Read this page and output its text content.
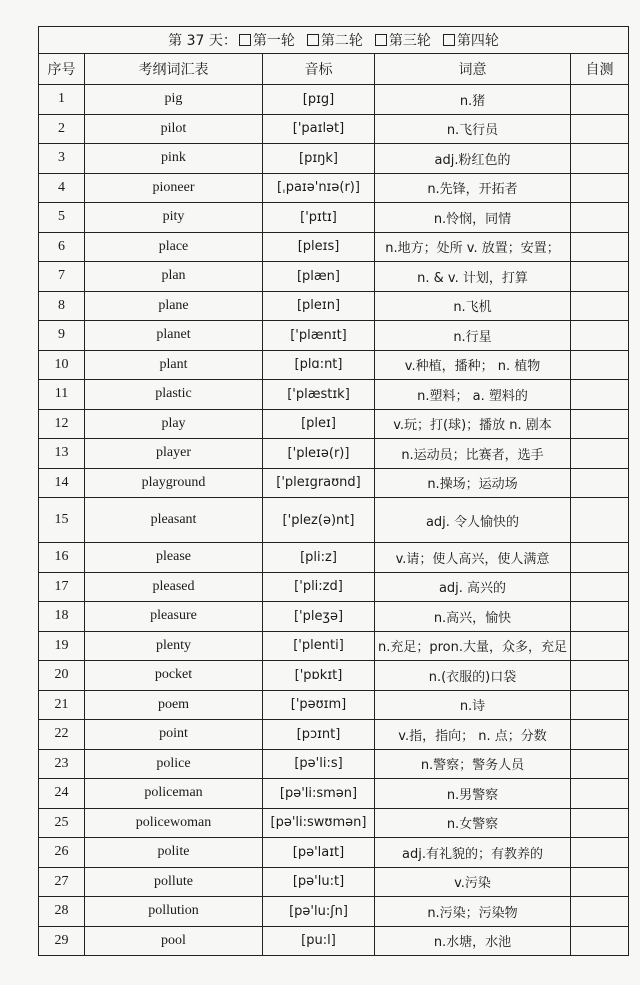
第 37 天： 第一轮 第二轮 第三轮 第四轮				
序号	考纲词汇表	音标	词意	自测
1	pig	[pɪg]	n.猪	
2	pilot	['paɪlət]	n.飞行员	
3	pink	[pɪŋk]	adj.粉红色的	
4	pioneer	[ˌpaɪə'nɪə(r)]	n.先锋，开拓者	
5	pity	['pɪtɪ]	n.怜悯，同情	
6	place	[pleɪs]	n.地方；处所 v. 放置；安置；	
7	plan	[plæn]	n. & v. 计划，打算	
8	plane	[pleɪn]	n.飞机	
9	planet	['plænɪt]	n.行星	
10	plant	[plɑ:nt]	v.种植，播种； n. 植物	
11	plastic	['plæstɪk]	n.塑料； a. 塑料的	
12	play	[pleɪ]	v.玩；打(球)；播放 n. 剧本	
13	player	['pleɪə(r)]	n.运动员；比赛者，选手	
14	playground	['pleɪgraʊnd]	n.操场；运动场	
15	pleasant	['plez(ə)nt]	adj. 令人愉快的	
16	please	[pli:z]	v.请；使人高兴，使人满意	
17	pleased	['pli:zd]	adj. 高兴的	
18	pleasure	['pleʒə]	n.高兴，愉快	
19	plenty	['plenti]	n.充足；pron.大量，众多，充足	
20	pocket	['pɒkɪt]	n.(衣服的)口袋	
21	poem	['pəʊɪm]	n.诗	
22	point	[pɔɪnt]	v.指，指向； n. 点；分数	
23	police	[pə'li:s]	n.警察；警务人员	
24	policeman	[pə'li:smən]	n.男警察	
25	policewoman	[pə'li:swʊmən]	n.女警察	
26	polite	[pə'laɪt]	adj.有礼貌的；有教养的	
27	pollute	[pə'lu:t]	v.污染	
28	pollution	[pə'lu:ʃn]	n.污染；污染物	
29	pool	[pu:l]	n.水塘，水池	
